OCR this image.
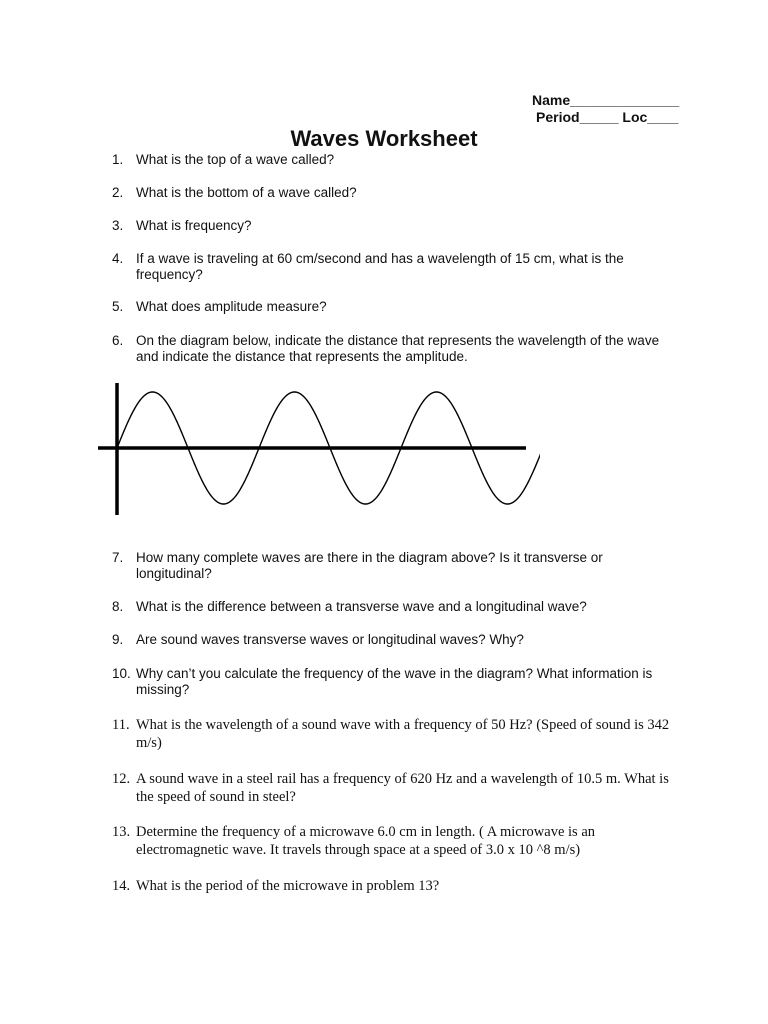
Name______________
Period_____ Loc____
Waves Worksheet
1. What is the top of a wave called?
2. What is the bottom of a wave called?
3. What is frequency?
4. If a wave is traveling at 60 cm/second and has a wavelength of 15 cm, what is the frequency?
5. What does amplitude measure?
6. On the diagram below, indicate the distance that represents the wavelength of the wave and indicate the distance that represents the amplitude.
7. How many complete waves are there in the diagram above? Is it transverse or longitudinal?
8. What is the difference between a transverse wave and a longitudinal wave?
9. Are sound waves transverse waves or longitudinal waves? Why?
10. Why can’t you calculate the frequency of the wave in the diagram? What information is missing?
11. What is the wavelength of a sound wave with a frequency of 50 Hz? (Speed of sound is 342 m/s)
12. A sound wave in a steel rail has a frequency of 620 Hz and a wavelength of 10.5 m. What is the speed of sound in steel?
13. Determine the frequency of a microwave 6.0 cm in length. ( A microwave is an electromagnetic wave. It travels through space at a speed of 3.0 x 10 ^8 m/s)
14. What is the period of the microwave in problem 13?
